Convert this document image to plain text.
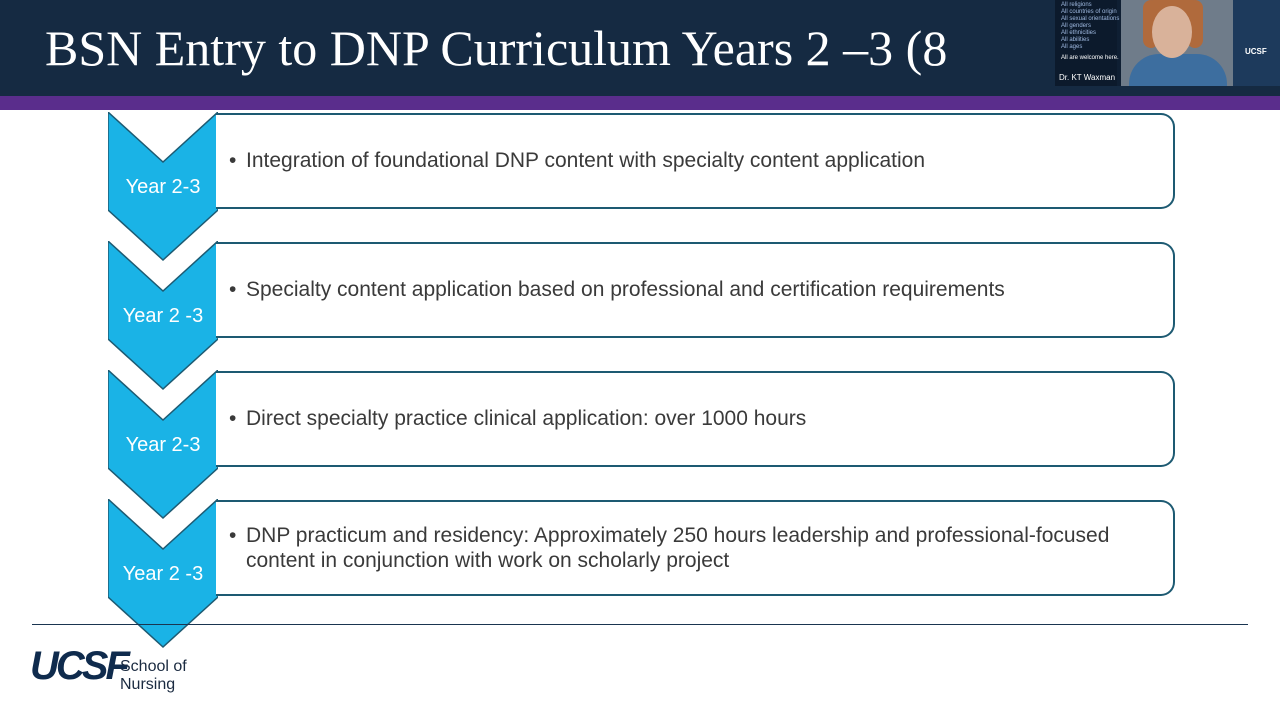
BSN Entry to DNP Curriculum Years 2 –3 (8
Year 2-3
• Integration of foundational DNP content with specialty content application
Year 2 -3
• Specialty content application based on professional and certification requirements
Year 2-3
• Direct specialty practice clinical application: over 1000 hours
Year 2 -3
• DNP practicum and residency: Approximately 250 hours leadership and professional-focused content in conjunction with work on scholarly project
UCSF
School of
Nursing
All religions
All countries of origin
All sexual orientations
All genders
All ethnicities
All abilities
All ages
All are welcome here.
UCSF
Dr. KT Waxman
